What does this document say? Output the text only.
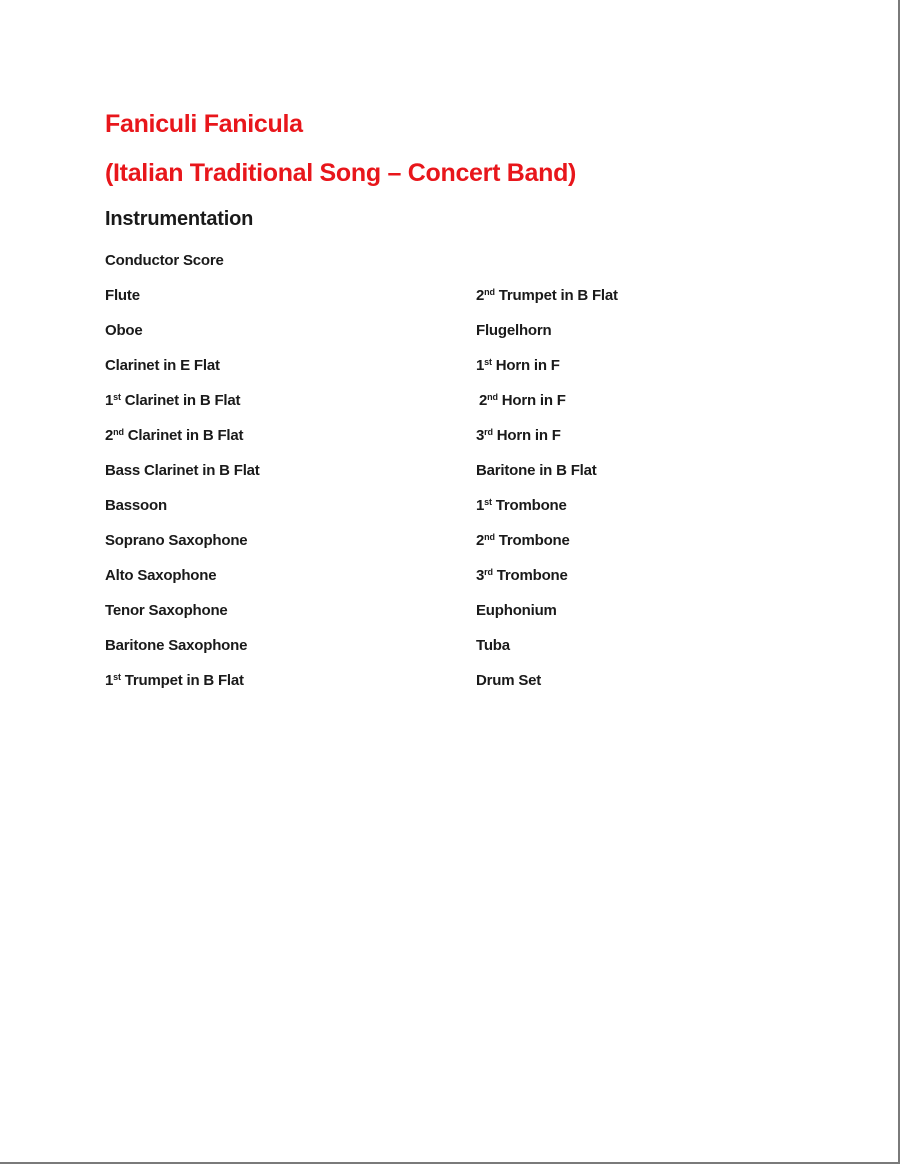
Faniculi Fanicula
(Italian Traditional Song – Concert Band)
Instrumentation
Conductor Score
Flute
Oboe
Clarinet in E Flat
1st Clarinet in B Flat
2nd Clarinet in B Flat
Bass Clarinet in B Flat
Bassoon
Soprano Saxophone
Alto Saxophone
Tenor Saxophone
Baritone Saxophone
1st Trumpet in B Flat
2nd Trumpet in B Flat
Flugelhorn
1st Horn in F
2nd Horn in F
3rd Horn in F
Baritone in B Flat
1st Trombone
2nd Trombone
3rd Trombone
Euphonium
Tuba
Drum Set
